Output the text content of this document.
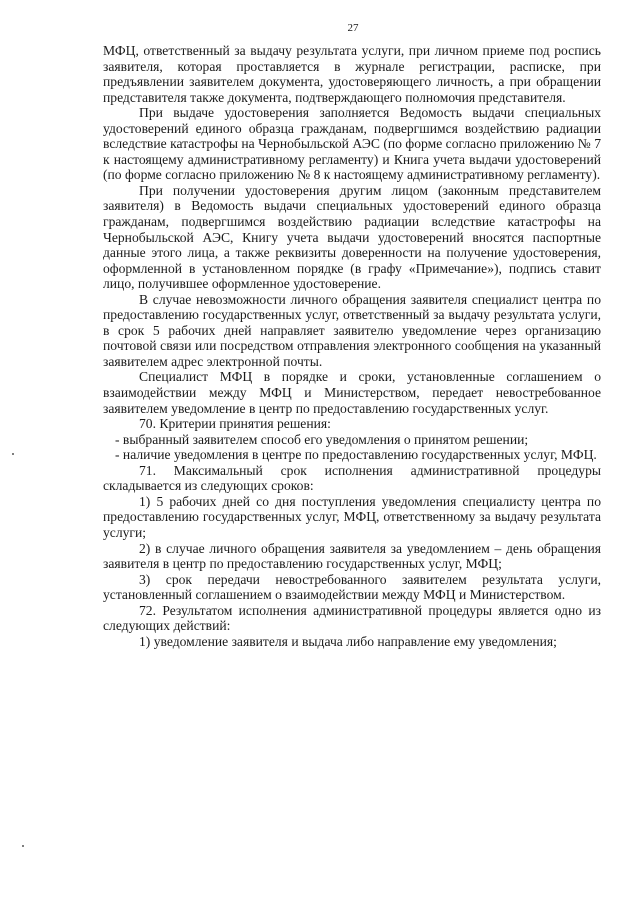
27

МФЦ, ответственный за выдачу результата услуги, при личном приеме под роспись заявителя, которая проставляется в журнале регистрации, расписке, при предъявлении заявителем документа, удостоверяющего личность, а при обращении представителя также документа, подтверждающего полномочия представителя.

При выдаче удостоверения заполняется Ведомость выдачи специальных удостоверений единого образца гражданам, подвергшимся воздействию радиации вследствие катастрофы на Чернобыльской АЭС (по форме согласно приложению № 7 к настоящему административному регламенту) и Книга учета выдачи удостоверений (по форме согласно приложению № 8 к настоящему административному регламенту).

При получении удостоверения другим лицом (законным представителем заявителя) в Ведомость выдачи специальных удостоверений единого образца гражданам, подвергшимся воздействию радиации вследствие катастрофы на Чернобыльской АЭС, Книгу учета выдачи удостоверений вносятся паспортные данные этого лица, а также реквизиты доверенности на получение удостоверения, оформленной в установленном порядке (в графу «Примечание»), подпись ставит лицо, получившее оформленное удостоверение.

В случае невозможности личного обращения заявителя специалист центра по предоставлению государственных услуг, ответственный за выдачу результата услуги, в срок 5 рабочих дней направляет заявителю уведомление через организацию почтовой связи или посредством отправления электронного сообщения на указанный заявителем адрес электронной почты.

Специалист МФЦ в порядке и сроки, установленные соглашением о взаимодействии между МФЦ и Министерством, передает невостребованное заявителем уведомление в центр по предоставлению государственных услуг.

70. Критерии принятия решения:

- выбранный заявителем способ его уведомления о принятом решении;

- наличие уведомления в центре по предоставлению государственных услуг, МФЦ.

71. Максимальный срок исполнения административной процедуры складывается из следующих сроков:

1) 5 рабочих дней со дня поступления уведомления специалисту центра по предоставлению государственных услуг, МФЦ, ответственному за выдачу результата услуги;

2) в случае личного обращения заявителя за уведомлением – день обращения заявителя в центр по предоставлению государственных услуг, МФЦ;

3) срок передачи невостребованного заявителем результата услуги, установленный соглашением о взаимодействии между МФЦ и Министерством.

72. Результатом исполнения административной процедуры является одно из следующих действий:

1) уведомление заявителя и выдача либо направление ему уведомления;
